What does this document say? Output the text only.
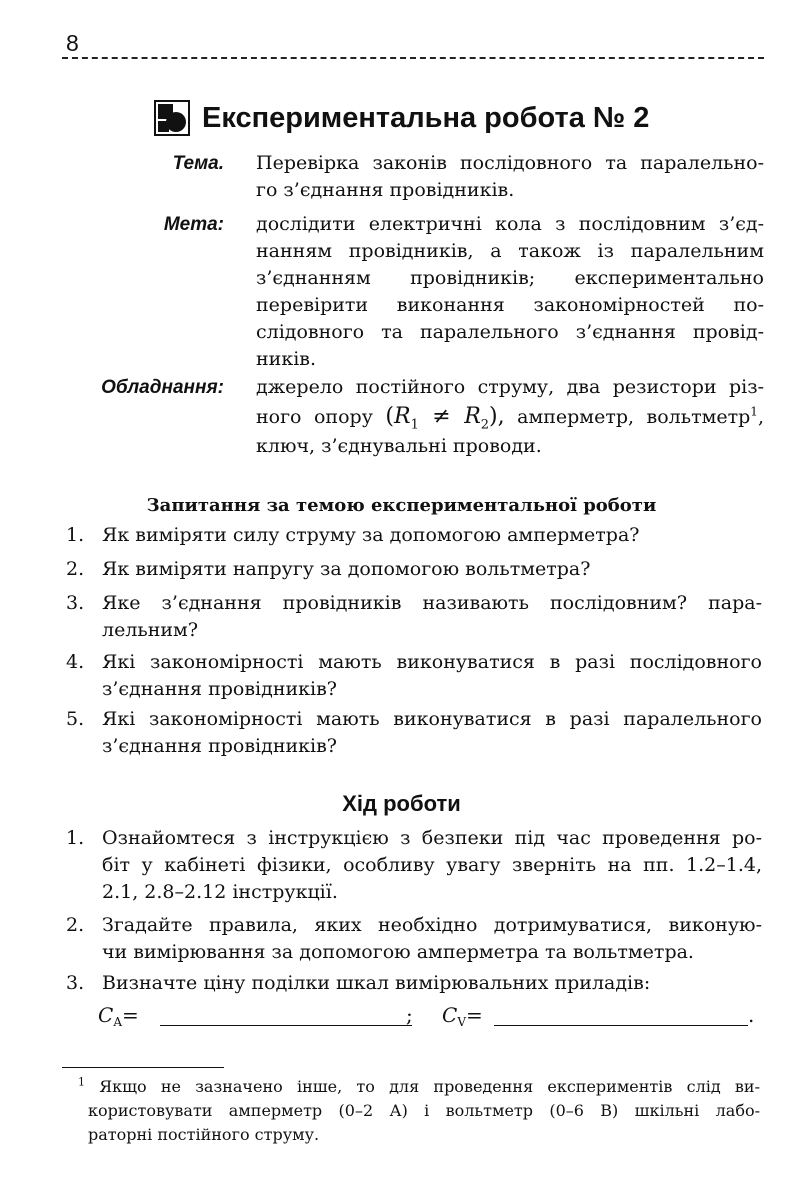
8
Експериментальна робота № 2
Тема. Перевірка законів послідовного та паралельно-
го з’єднання провідників.
Мета: дослідити електричні кола з послідовним з’єд-
нанням провідників, а також із паралельним
з’єднанням провідників; експериментально
перевірити виконання закономірностей по-
слідовного та паралельного з’єднання провід-
ників.
Обладнання: джерело постійного струму, два резистори різ-
ного опору $(R_1 \ne R_2)$, амперметр, вольтметр$^1$,
ключ, з’єднувальні проводи.
Запитання за темою експериментальної роботи
1. Як виміряти силу струму за допомогою амперметра?
2. Як виміряти напругу за допомогою вольтметра?
3. Яке з’єднання провідників називають послідовним? пара-
лельним?
4. Які закономірності мають виконуватися в разі послідовного
з’єднання провідників?
5. Які закономірності мають виконуватися в разі паралельного
з’єднання провідників?
Хід роботи
1. Ознайомтеся з інструкцією з безпеки під час проведення ро-
біт у кабінеті фізики, особливу увагу зверніть на пп. 1.2–1.4,
2.1, 2.8–2.12 інструкції.
2. Згадайте правила, яких необхідно дотримуватися, виконую-
чи вимірювання за допомогою амперметра та вольтметра.
3. Визначте ціну поділки шкал вимірювальних приладів:
$C_A=$	; $C_V=$	.
$^1$ Якщо не зазначено інше, то для проведення експериментів слід ви-
користовувати амперметр (0–2 А) і вольтметр (0–6 В) шкільні лабо-
раторні постійного струму.
